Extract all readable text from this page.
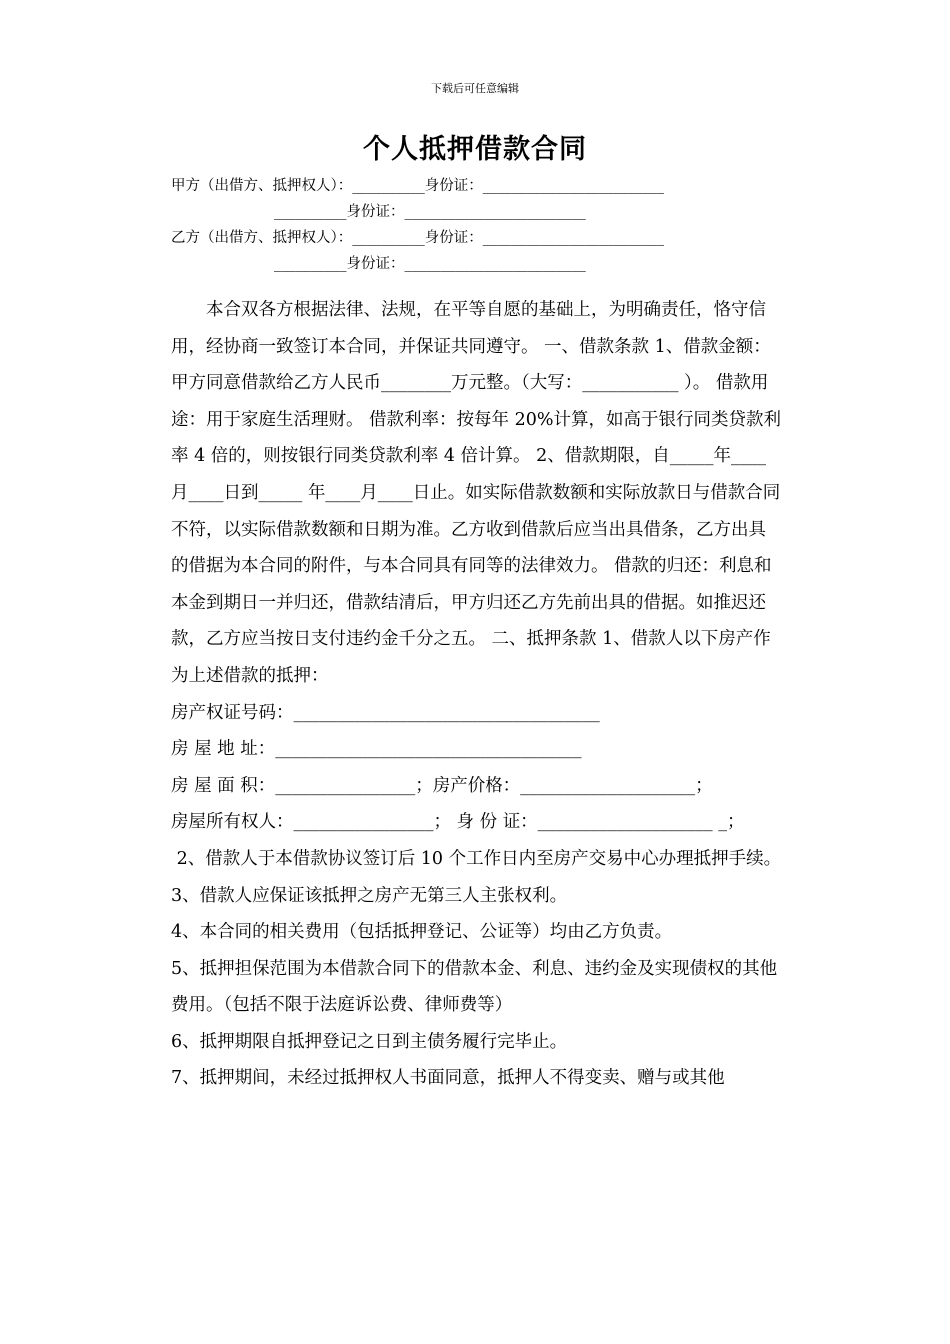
下载后可任意编辑
个人抵押借款合同
甲方（出借方、抵押权人）：__________身份证：_________________________
__________身份证：_________________________
乙方（出借方、抵押权人）：__________身份证：_________________________
__________身份证：_________________________

本合双各方根据法律、法规，在平等自愿的基础上，为明确责任，恪守信用，经协商一致签订本合同，并保证共同遵守。 一、借款条款 1、借款金额：甲方同意借款给乙方人民币________万元整。（大写：___________ ）。 借款用途：用于家庭生活理财。 借款利率：按每年 20%计算，如高于银行同类贷款利率 4 倍的，则按银行同类贷款利率 4 倍计算。 2、借款期限，自_____年____月____日到_____ 年____月____日止。如实际借款数额和实际放款日与借款合同不符，以实际借款数额和日期为准。乙方收到借款后应当出具借条，乙方出具的借据为本合同的附件，与本合同具有同等的法律效力。 借款的归还：利息和本金到期日一并归还，借款结清后，甲方归还乙方先前出具的借据。如推迟还款，乙方应当按日支付违约金千分之五。 二、抵押条款 1、借款人以下房产作为上述借款的抵押：

房产权证号码：___________________________________

房 屋 地 址：___________________________________

房 屋 面 积：________________；房产价格：____________________；

房屋所有权人：________________； 身 份 证：____________________ _；

2、借款人于本借款协议签订后 10 个工作日内至房产交易中心办理抵押手续。

3、借款人应保证该抵押之房产无第三人主张权利。

4、本合同的相关费用（包括抵押登记、公证等）均由乙方负责。

5、抵押担保范围为本借款合同下的借款本金、利息、违约金及实现债权的其他费用。（包括不限于法庭诉讼费、律师费等）

6、抵押期限自抵押登记之日到主债务履行完毕止。

7、抵押期间，未经过抵押权人书面同意，抵押人不得变卖、赠与或其他
